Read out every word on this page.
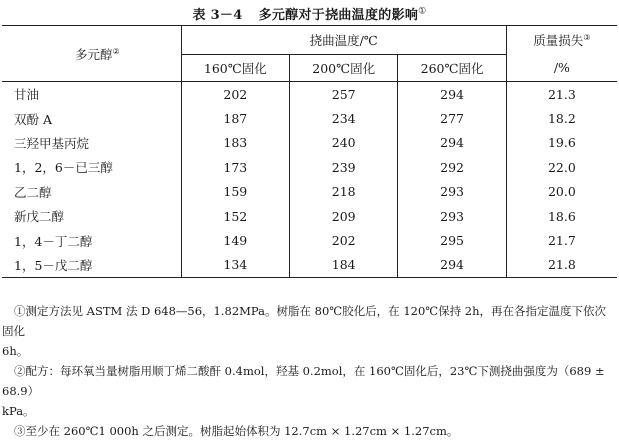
表 3－4 多元醇对于挠曲温度的影响①
多元醇②	挠曲温度/℃			质量损失③
	160℃固化	200℃固化	260℃固化	/%
甘油	202	257	294	21.3
双酚 A	187	234	277	18.2
三羟甲基丙烷	183	240	294	19.6
1，2，6－已三醇	173	239	292	22.0
乙二醇	159	218	293	20.0
新戊二醇	152	209	293	18.6
1，4－丁二醇	149	202	295	21.7
1，5－戊二醇	134	184	294	21.8

①测定方法见 ASTM 法 D 648—56，1.82MPa。树脂在 80℃胶化后，在 120℃保持 2h，再在各指定温度下依次固化

6h。

②配方：每环氧当量树脂用顺丁烯二酸酐 0.4mol，羟基 0.2mol，在 160℃固化后，23℃下测挠曲强度为（689 ± 68.9）

kPa。

③至少在 260℃1 000h 之后测定。树脂起始体积为 12.7cm × 1.27cm × 1.27cm。
